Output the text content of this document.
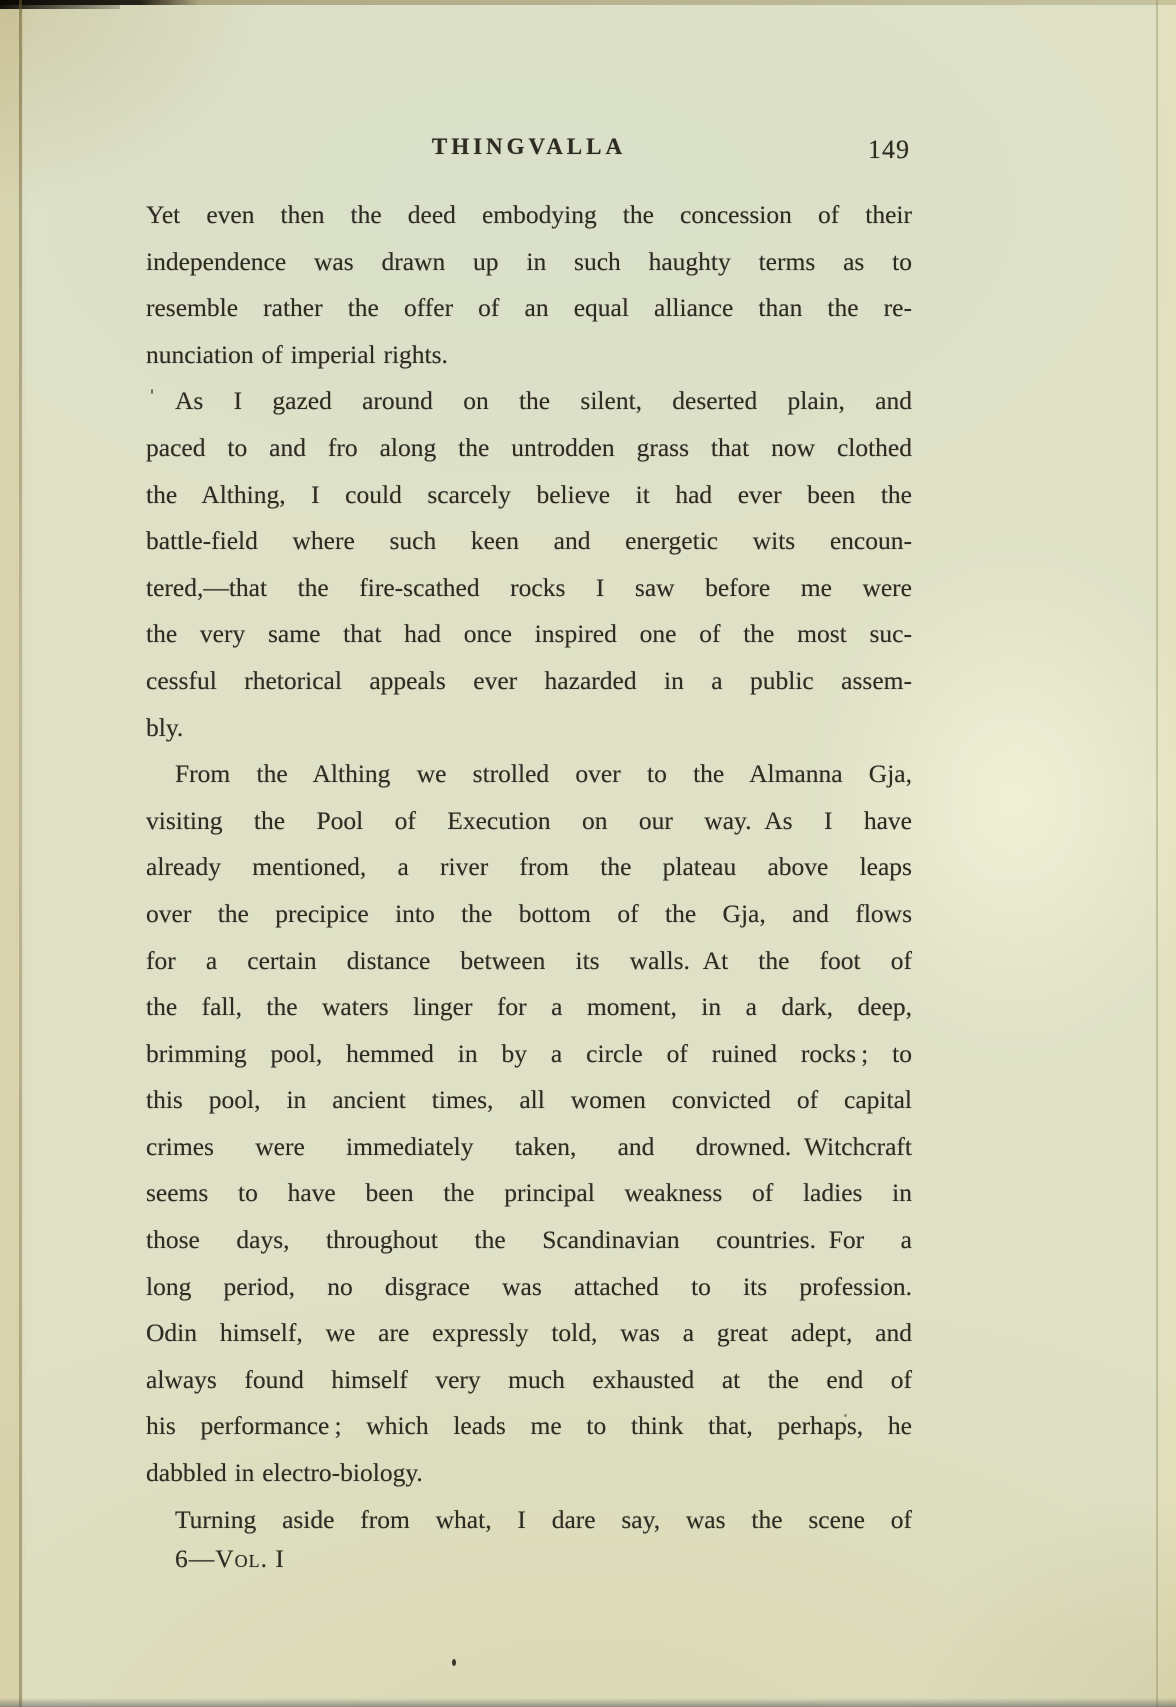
THINGVALLA	149
Yet even then the deed embodying the concession of their
independence was drawn up in such haughty terms as to
resemble rather the offer of an equal alliance than the re-
nunciation of imperial rights.
As I gazed around on the silent, deserted plain, and
paced to and fro along the untrodden grass that now clothed
the Althing, I could scarcely believe it had ever been the
battle-field where such keen and energetic wits encoun-
tered,—that the fire-scathed rocks I saw before me were
the very same that had once inspired one of the most suc-
cessful rhetorical appeals ever hazarded in a public assem-
bly.
From the Althing we strolled over to the Almanna Gja,
visiting the Pool of Execution on our way. As I have
already mentioned, a river from the plateau above leaps
over the precipice into the bottom of the Gja, and flows
for a certain distance between its walls. At the foot of
the fall, the waters linger for a moment, in a dark, deep,
brimming pool, hemmed in by a circle of ruined rocks ; to
this pool, in ancient times, all women convicted of capital
crimes were immediately taken, and drowned. Witchcraft
seems to have been the principal weakness of ladies in
those days, throughout the Scandinavian countries. For a
long period, no disgrace was attached to its profession.
Odin himself, we are expressly told, was a great adept, and
always found himself very much exhausted at the end of
his performance ; which leads me to think that, perhaps, he
dabbled in electro-biology.
Turning aside from what, I dare say, was the scene of
6—Vol. I
